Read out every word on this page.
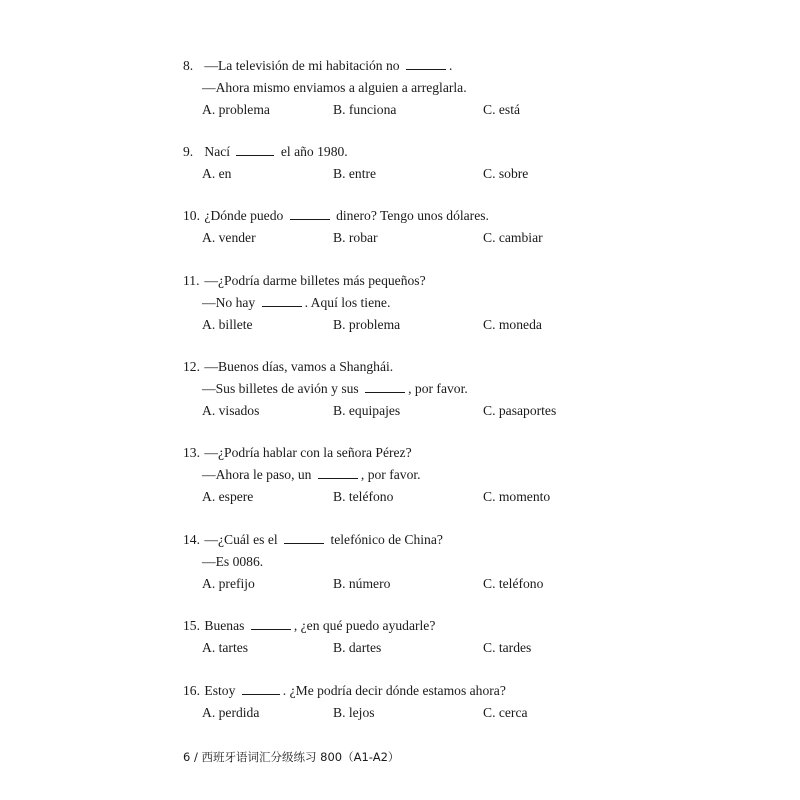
8. —La televisión de mi habitación no	.
—Ahora mismo enviamos a alguien a arreglarla.
A. problema	B. funciona	C. está
9. Nací	el año 1980.
A. en	B. entre	C. sobre
10. ¿Dónde puedo	dinero? Tengo unos dólares.
A. vender	B. robar	C. cambiar
11. —¿Podría darme billetes más pequeños?
—No hay	. Aquí los tiene.
A. billete	B. problema	C. moneda
12. —Buenos días, vamos a Shanghái.
—Sus billetes de avión y sus	, por favor.
A. visados	B. equipajes	C. pasaportes
13. —¿Podría hablar con la señora Pérez?
—Ahora le paso, un	, por favor.
A. espere	B. teléfono	C. momento
14. —¿Cuál es el	telefónico de China?
—Es 0086.
A. prefijo	B. número	C. teléfono
15. Buenas	, ¿en qué puedo ayudarle?
A. tartes	B. dartes	C. tardes
16. Estoy	. ¿Me podría decir dónde estamos ahora?
A. perdida	B. lejos	C. cerca
6 / 西班牙语词汇分级练习 800（A1-A2）
